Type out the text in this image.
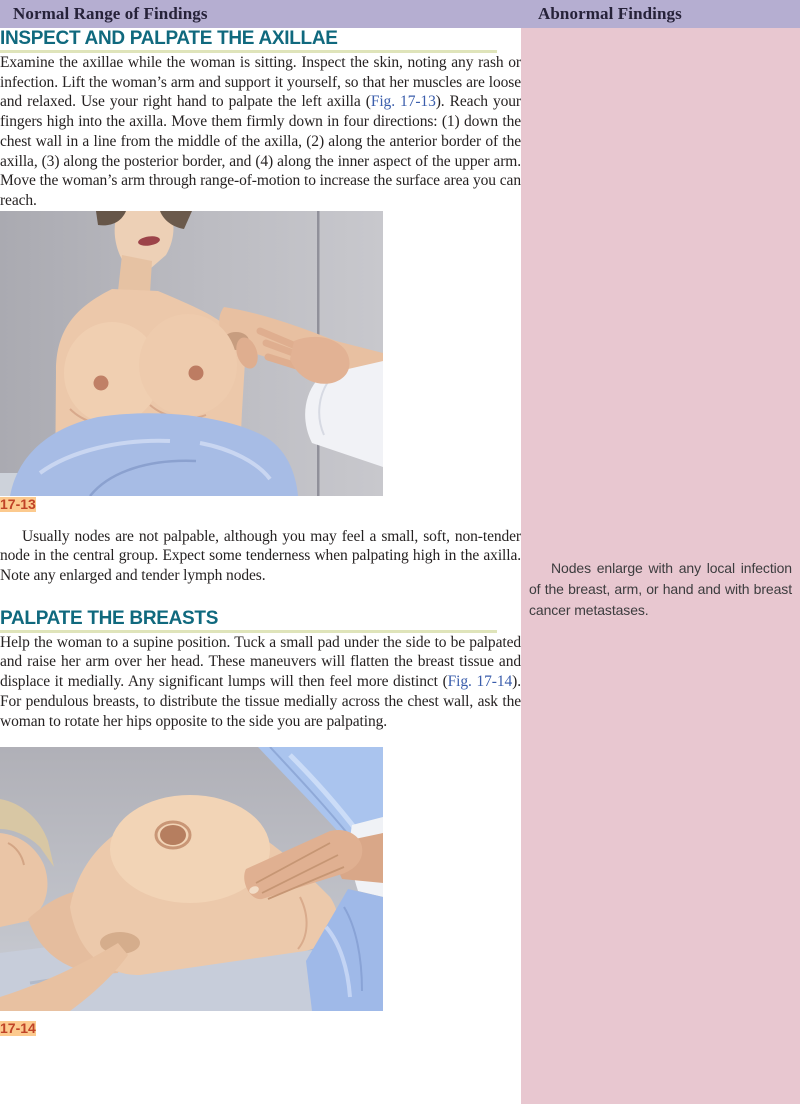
Normal Range of Findings	Abnormal Findings
INSPECT AND PALPATE THE AXILLAE

Examine the axillae while the woman is sitting. Inspect the skin, noting any rash or infection. Lift the woman’s arm and support it yourself, so that her muscles are loose and relaxed. Use your right hand to palpate the left axilla (Fig. 17-13). Reach your fingers high into the axilla. Move them firmly down in four directions: (1) down the chest wall in a line from the middle of the axilla, (2) along the anterior border of the axilla, (3) along the posterior border, and (4) along the inner aspect of the upper arm. Move the woman’s arm through range-of-motion to increase the surface area you can reach.

17-13

Usually nodes are not palpable, although you may feel a small, soft, non-tender node in the central group. Expect some tenderness when palpating high in the axilla. Note any enlarged and tender lymph nodes.

PALPATE THE BREASTS

Help the woman to a supine position. Tuck a small pad under the side to be palpated and raise her arm over her head. These maneuvers will flatten the breast tissue and displace it medially. Any significant lumps will then feel more distinct (Fig. 17-14). For pendulous breasts, to distribute the tissue medially across the chest wall, ask the woman to rotate her hips opposite to the side you are palpating.

17-14

Nodes enlarge with any local infection of the breast, arm, or hand and with breast cancer metastases.
